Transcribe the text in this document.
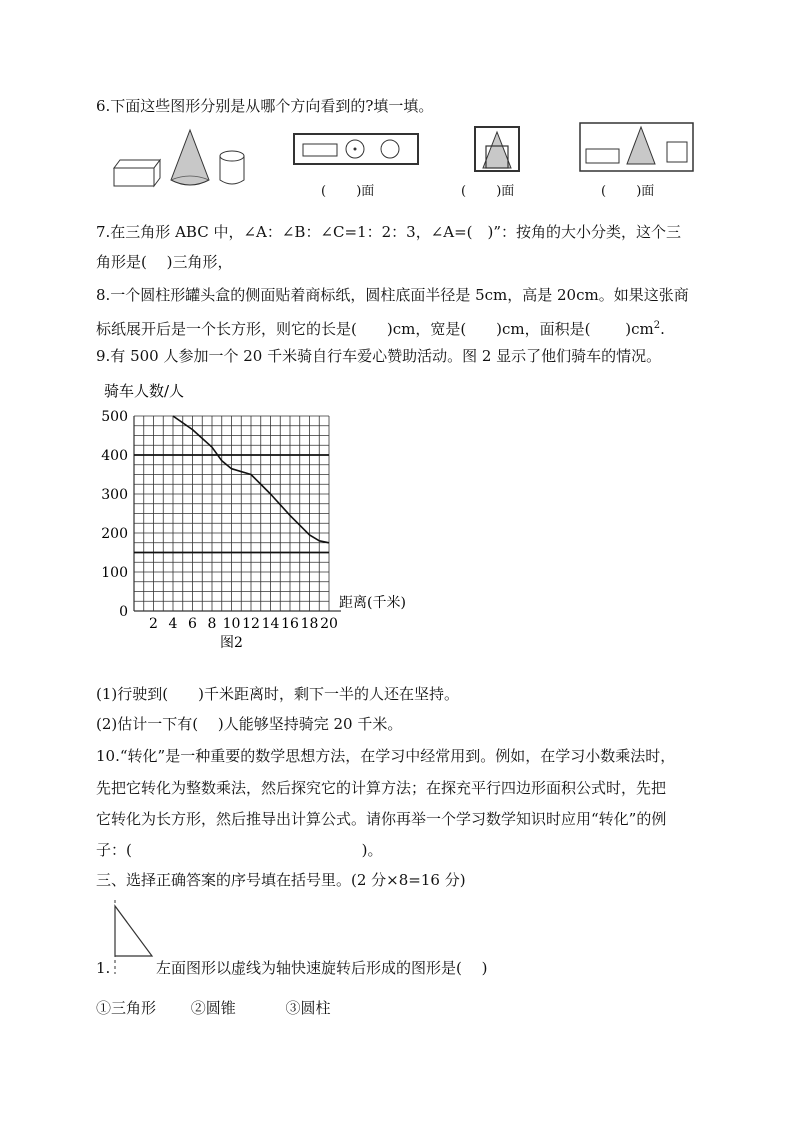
6.下面这些图形分别是从哪个方向看到的?填一填。
(　　 )面	(　　 )面	(　　 )面
7.在三角形 ABC 中，∠A：∠B：∠C=1：2：3，∠A=(　)”：按角的大小分类，这个三
角形是(　 )三角形，
8.一个圆柱形罐头盒的侧面贴着商标纸，圆柱底面半径是 5cm，高是 20cm。如果这张商
标纸展开后是一个长方形，则它的长是(　　)cm，宽是(　　)cm，面积是(　　 )$cm^2$.
9.有 500 人参加一个 20 千米骑自行车爱心赞助活动。图 2 显示了他们骑车的情况。
0
100
200
300
400
500
2 4 6 8 10 12 14 16 18 20
骑车人数/人
距离(千米)
图2
(1)行驶到(　　)千米距离时，剩下一半的人还在坚持。
(2)估计一下有(　 )人能够坚持骑完 20 千米。
10.“转化”是一种重要的数学思想方法，在学习中经常用到。例如，在学习小数乘法时，
先把它转化为整数乘法，然后探究它的计算方法；在探充平行四边形面积公式时，先把
它转化为长方形，然后推导出计算公式。请你再举一个学习数学知识时应用“转化”的例
子：(　　　　　　　　　　　　　　　 )。
三、选择正确答案的序号填在括号里。(2 分×8=16 分)
1.	左面图形以虚线为轴快速旋转后形成的图形是(　 )
①三角形　　 ②圆锥　　　 ③圆柱
